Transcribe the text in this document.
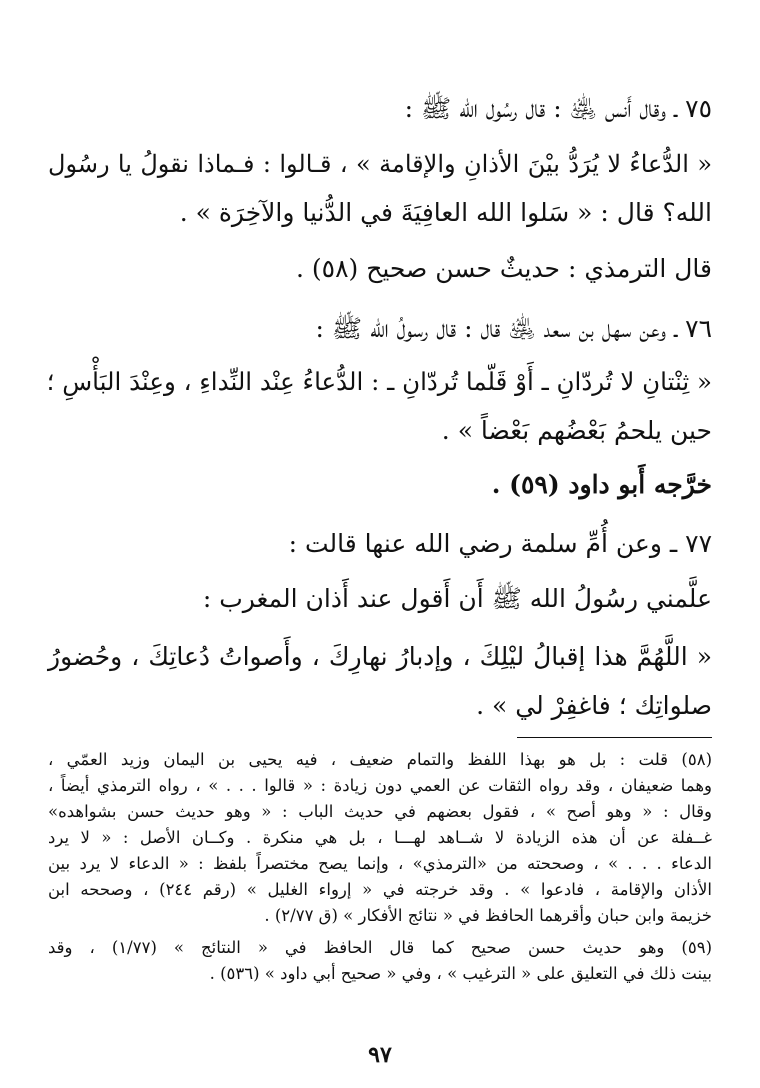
٧٥ ـ وقال أَنس ﵁ : قال رسُول الله ﷺ :
« الدُّعاءُ لا يُرَدُّ بيْنَ الأذانِ والإقامة » ، قـالوا : فـماذا نقولُ يا رسُول
الله؟ قال : « سَلوا الله العافِيَةَ في الدُّنيا والآخِرَة » .
قال الترمذي : حديثٌ حسن صحيح (٥٨) .
٧٦ ـ وعن سهل بن سعد ﵁ قال : قال رسولُ الله ﷺ :
« ثِنْتانِ لا تُردّانِ ـ أَوْ قَلّما تُردّانِ ـ : الدُّعاءُ عِنْد النِّداءِ ، وعِنْدَ البَأْسِ ؛
حين يلحمُ بَعْضُهم بَعْضاً » .
خرَّجه أَبو داود (٥٩) .
٧٧ ـ وعن أُمِّ سلمة رضي الله عنها قالت :
علَّمني رسُولُ الله ﷺ أَن أَقول عند أَذان المغرب :
« اللَّهُمَّ هذا إقبالُ ليْلِكَ ، وإدبارُ نهارِكَ ، وأَصواتُ دُعاتِكَ ، وحُضورُ
صلواتِك ؛ فاغفِرْ لي » .
(٥٨) قلت : بل هو بهذا اللفظ والتمام ضعيف ، فيه يحيى بن اليمان وزيد العمّي ،
وهما ضعيفان ، وقد رواه الثقات عن العمي دون زيادة : « قالوا . . . » ، رواه الترمذي أيضاً ،
وقال : « وهو أصح » ، فقول بعضهم في حديث الباب : « وهو حديث حسن بشواهده»
غــفلة عن أن هذه الزيادة لا شــاهد لهـــا ، بل هي منكرة . وكــان الأصل : « لا يرد
الدعاء . . . » ، وصححته من «الترمذي» ، وإنما يصح مختصراً بلفظ : « الدعاء لا يرد بين
الأذان والإقامة ، فادعوا » . وقد خرجته في « إرواء الغليل » (رقم ٢٤٤) ، وصححه ابن
خزيمة وابن حبان وأقرهما الحافظ في « نتائج الأفكار » (ق ٢/٧٧) .
(٥٩) وهو حديث حسن صحيح كما قال الحافظ في « النتائج » (١/٧٧) ، وقد
بينت ذلك في التعليق على « الترغيب » ، وفي « صحيح أبي داود » (٥٣٦) .
٩٧
